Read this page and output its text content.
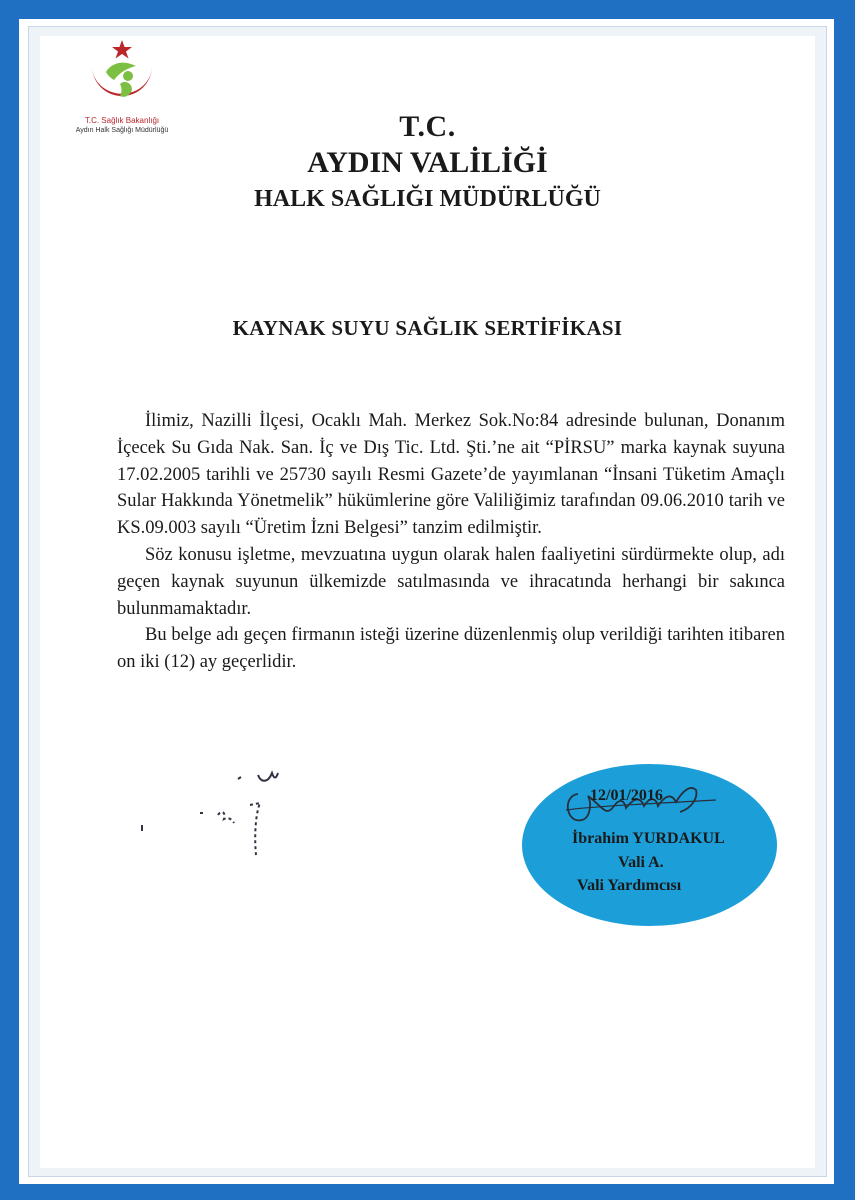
T.C. Sağlık Bakanlığı
Aydın Halk Sağlığı Müdürlüğü	T.C.
AYDIN VALİLİĞİ
HALK SAĞLIĞI MÜDÜRLÜĞÜ
KAYNAK SUYU SAĞLIK SERTİFİKASI

İlimiz, Nazilli İlçesi, Ocaklı Mah. Merkez Sok.No:84 adresinde bulunan, Donanım İçecek Su Gıda Nak. San. İç ve Dış Tic. Ltd. Şti.’ne ait “PİRSU” marka kaynak suyuna 17.02.2005 tarihli ve 25730 sayılı Resmi Gazete’de yayımlanan “İnsani Tüketim Amaçlı Sular Hakkında Yönetmelik” hükümlerine göre Valiliğimiz tarafından 09.06.2010 tarih ve KS.09.003 sayılı “Üretim İzni Belgesi” tanzim edilmiştir.

Söz konusu işletme, mevzuatına uygun olarak halen faaliyetini sürdürmekte olup, adı geçen kaynak suyunun ülkemizde satılmasında ve ihracatında herhangi bir sakınca bulunmamaktadır.

Bu belge adı geçen firmanın isteği üzerine düzenlenmiş olup verildiği tarihten itibaren on iki (12) ay geçerlidir.

12/01/2016
İbrahim YURDAKUL
Vali A.
Vali Yardımcısı
